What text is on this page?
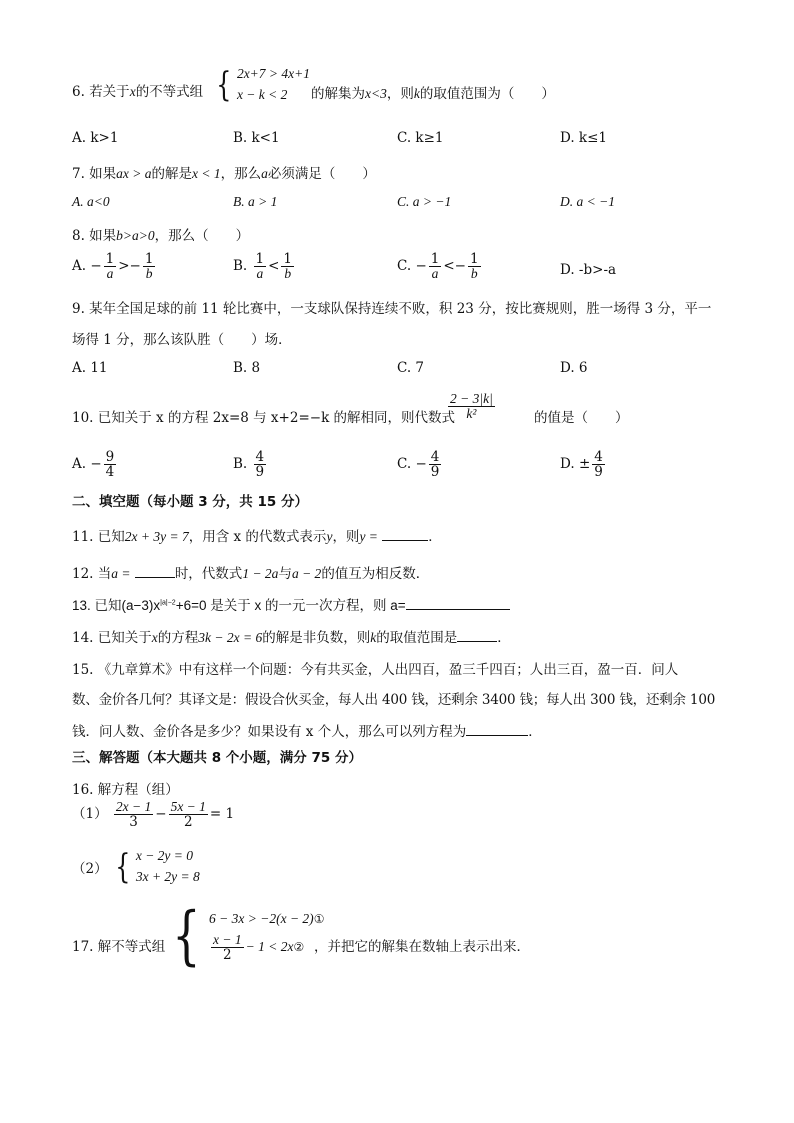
6. 若关于x的不等式组 { 2x+7 > 4x+1
x − k < 2	的解集为x<3，则k的取值范围为（　　）
A. k>1	B. k<1	C. k≥1	D. k≤1
7. 如果ax > a的解是x < 1，那么a必须满足（　　）
A. a<0	B. a > 1	C. a > −1	D. a < −1
8. 如果b>a>0，那么（　　）
A. − $\frac{1}{a} >- \frac{1}{b}$	B. $\frac{1}{a} < \frac{1}{b}$	C. − $\frac{1}{a} <- \frac{1}{b}$	D. -b>-a
9. 某年全国足球的前 11 轮比赛中，一支球队保持连续不败，积 23 分，按比赛规则，胜一场得 3 分，平一
场得 1 分，那么该队胜（　　）场．
A. 11	B. 8	C. 7	D. 6
10. 已知关于 x 的方程 2x=8 与 x+2=−k 的解相同，则代数式
$\frac{2 - 3|k|}{\text{k²}}$	的值是（　　）
A. − $\frac{9}{4}$	B. $\frac{4}{9}$	C. − $\frac{4}{9}$	D. ± $\frac{4}{9}$
二、填空题（每小题 3 分，共 15 分）
11. 已知2x + 3y = 7，用含 x 的代数式表示y，则y =	．
12. 当a =	时，代数式1 − 2a与a − 2的值互为相反数．
13. 已知$(a-3)x^{|a|-2}+6=0$ 是关于 x 的一元一次方程，则 a=
14. 已知关于x的方程3k − 2x = 6的解是非负数，则k的取值范围是	．
15. 《九章算术》中有这样一个问题：今有共买金，人出四百，盈三千四百；人出三百，盈一百．问人
数、金价各几何？其译文是：假设合伙买金，每人出 400 钱，还剩余 3400 钱；每人出 300 钱，还剩余 100
钱．问人数、金价各是多少？如果设有 x 个人，那么可以列方程为	．
三、解答题（本大题共 8 个小题，满分 75 分）
16. 解方程（组）
$(1) \frac{2x - 1}{3} - \frac{5x - 1}{2} = 1$
（2） { x − 2y = 0
3x + 2y = 8
17. 解不等式组 { 6 − 3x > −2(x − 2)①
$\frac{x - 1}{2} - 1$ < 2x② ，并把它的解集在数轴上表示出来．
